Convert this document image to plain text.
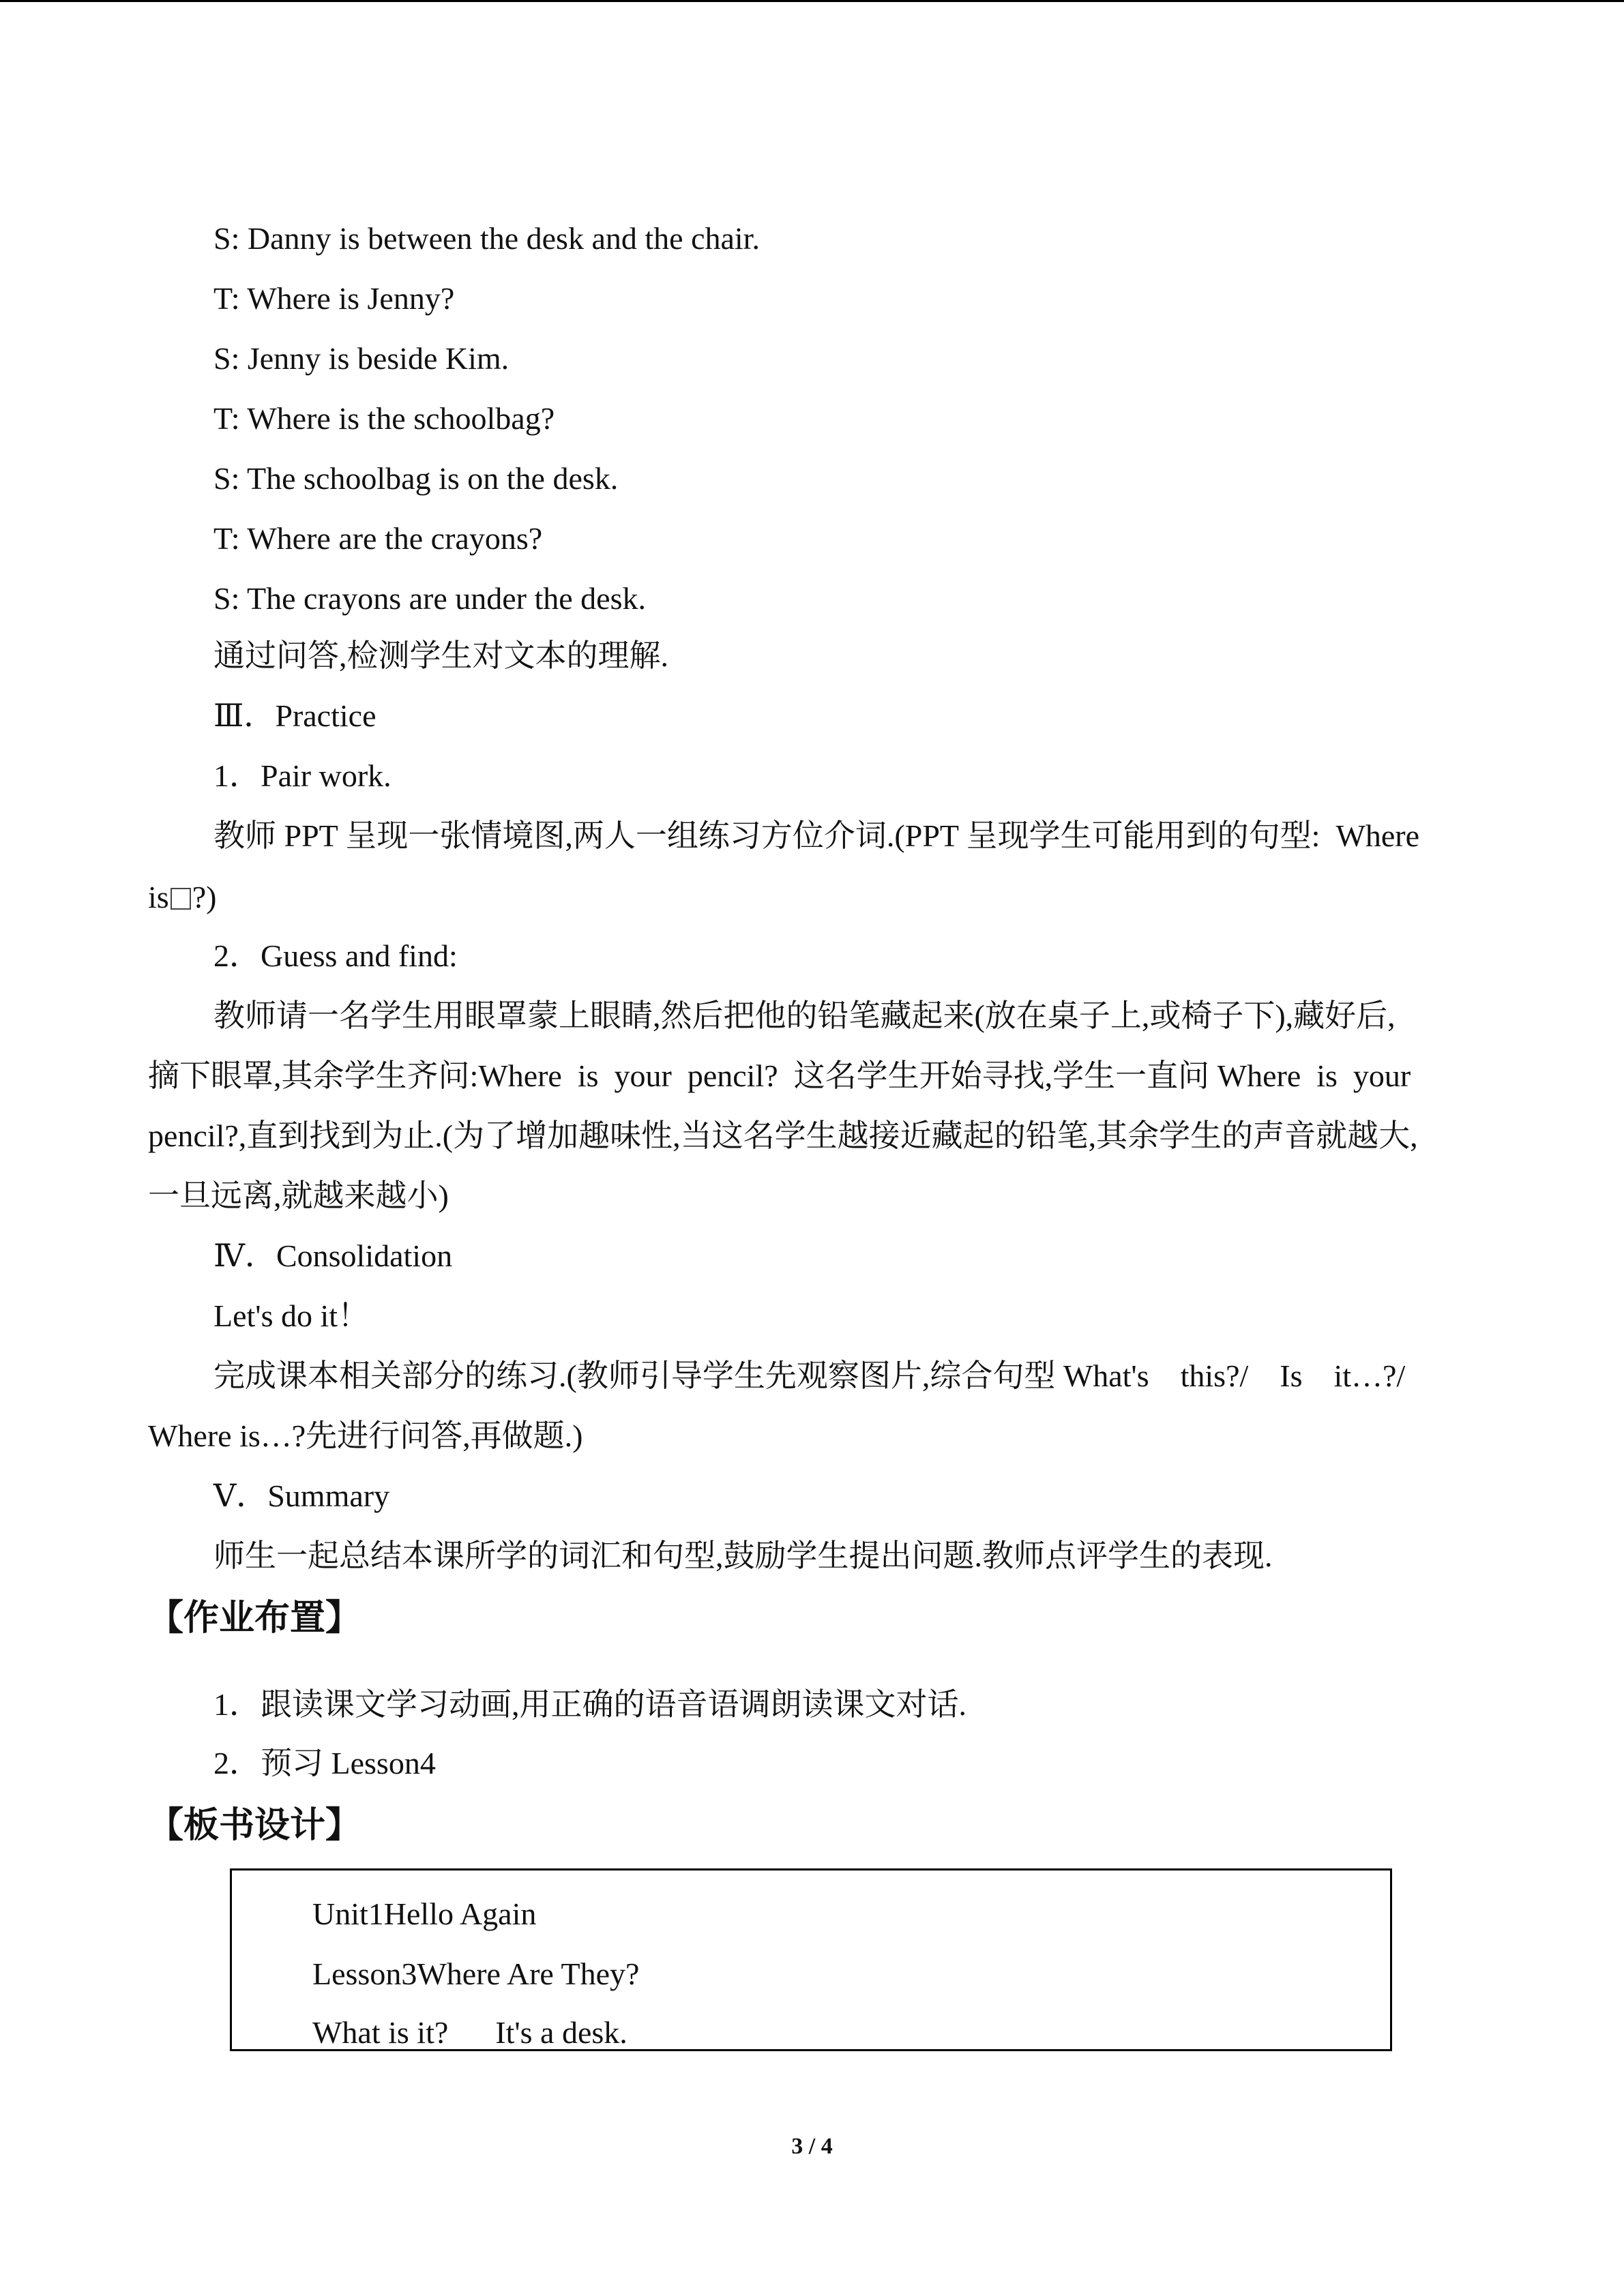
S: Danny is between the desk and the chair.
T: Where is Jenny?
S: Jenny is beside Kim.
T: Where is the schoolbag?
S: The schoolbag is on the desk.
T: Where are the crayons?
S: The crayons are under the desk.
通过问答,检测学生对文本的理解.
Ⅲ．Practice
1．Pair work.
教师 PPT 呈现一张情境图,两人一组练习方位介词.(PPT 呈现学生可能用到的句型:  Where
is ?)
2．Guess and find:
教师请一名学生用眼罩蒙上眼睛,然后把他的铅笔藏起来(放在桌子上,或椅子下),藏好后,
摘下眼罩,其余学生齐问:Where  is  your  pencil?  这名学生开始寻找,学生一直问 Where  is  your
pencil?,直到找到为止.(为了增加趣味性,当这名学生越接近藏起的铅笔,其余学生的声音就越大,
一旦远离,就越来越小)
Ⅳ．Consolidation
Let's do it！
完成课本相关部分的练习.(教师引导学生先观察图片,综合句型 What's    this?/    Is    it…?/
Where is…?先进行问答,再做题.)
Ⅴ．Summary
师生一起总结本课所学的词汇和句型,鼓励学生提出问题.教师点评学生的表现.
【作业布置】
1．跟读课文学习动画,用正确的语音语调朗读课文对话.
2．预习 Lesson4
【板书设计】
Unit1Hello Again
Lesson3Where Are They?
What is it?      It's a desk.
3 / 4
